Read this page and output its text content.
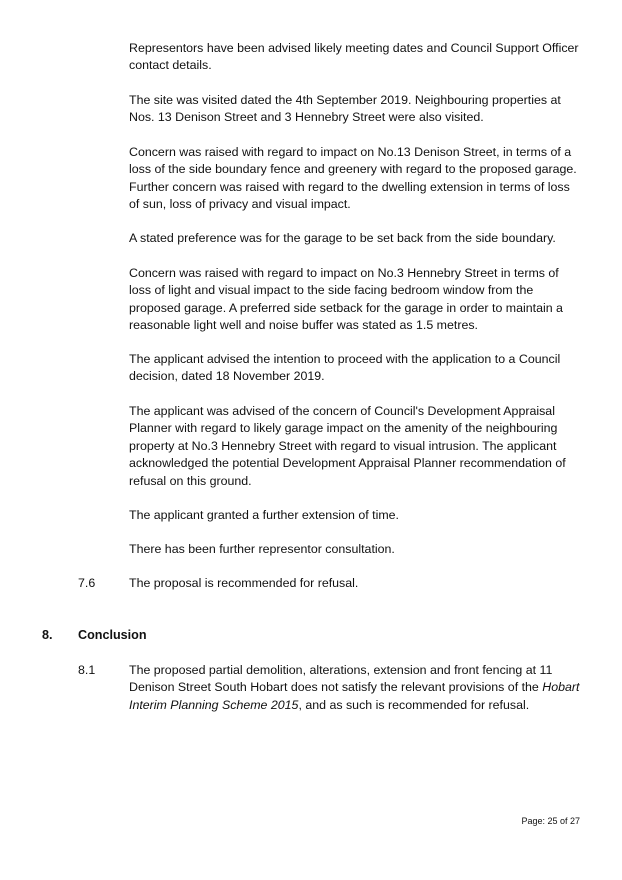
Representors have been advised likely meeting dates and Council Support Officer contact details.

The site was visited dated the 4th September 2019. Neighbouring properties at Nos. 13 Denison Street and 3 Hennebry Street were also visited.

Concern was raised with regard to impact on No.13 Denison Street, in terms of a loss of the side boundary fence and greenery with regard to the proposed garage. Further concern was raised with regard to the dwelling extension in terms of loss of sun, loss of privacy and visual impact.

A stated preference was for the garage to be set back from the side boundary.

Concern was raised with regard to impact on No.3 Hennebry Street in terms of loss of light and visual impact to the side facing bedroom window from the proposed garage. A preferred side setback for the garage in order to maintain a reasonable light well and noise buffer was stated as 1.5 metres.

The applicant advised the intention to proceed with the application to a Council decision, dated 18 November 2019.

The applicant was advised of the concern of Council's Development Appraisal Planner with regard to likely garage impact on the amenity of the neighbouring property at No.3 Hennebry Street with regard to visual intrusion. The applicant acknowledged the potential Development Appraisal Planner recommendation of refusal on this ground.

The applicant granted a further extension of time.

There has been further representor consultation.

7.6	The proposal is recommended for refusal.

8. Conclusion
8.1	The proposed partial demolition, alterations, extension and front fencing at 11 Denison Street South Hobart does not satisfy the relevant provisions of the Hobart Interim Planning Scheme 2015, and as such is recommended for refusal.

Page: 25 of 27
